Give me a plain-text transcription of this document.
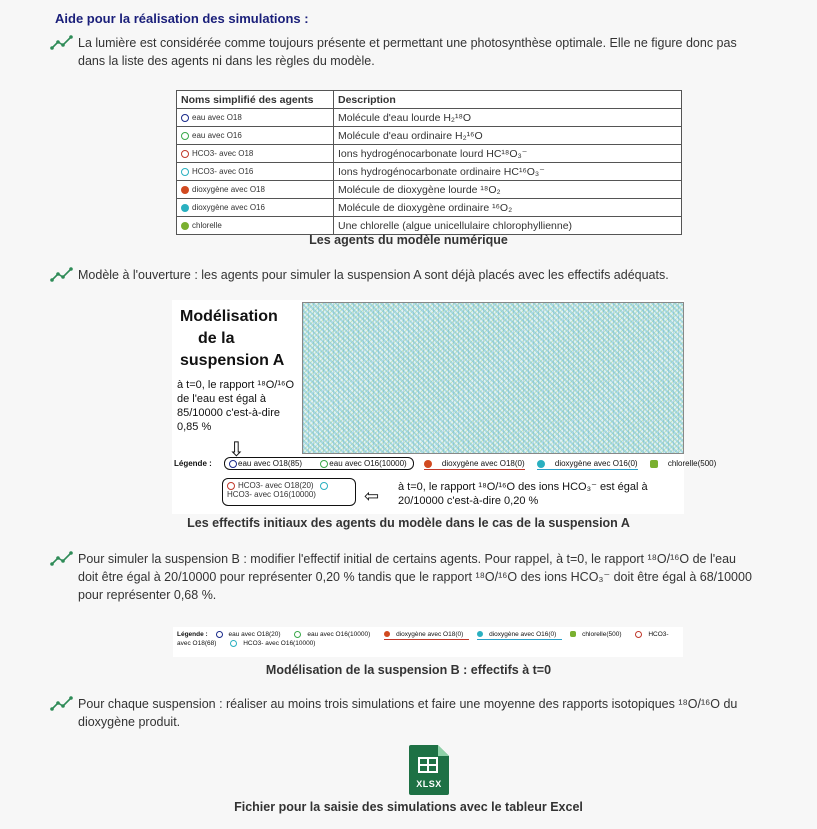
Aide pour la réalisation des simulations :
La lumière est considérée comme toujours présente et permettant une photosynthèse optimale. Elle ne figure donc pas dans la liste des agents ni dans les règles du modèle.
Noms simplifié des agents	Description
eau avec O18	Molécule d'eau lourde H₂¹⁸O
eau avec O16	Molécule d'eau ordinaire H₂¹⁶O
HCO3- avec O18	Ions hydrogénocarbonate lourd HC¹⁸O₃⁻
HCO3- avec O16	Ions hydrogénocarbonate ordinaire HC¹⁶O₃⁻
dioxygène avec O18	Molécule de dioxygène lourde ¹⁸O₂
dioxygène avec O16	Molécule de dioxygène ordinaire ¹⁶O₂
chlorelle	Une chlorelle (algue unicellulaire chlorophyllienne)
Les agents du modèle numérique
Modèle à l'ouverture : les agents pour simuler la suspension A sont déjà placés avec les effectifs adéquats.
Modélisation
de la
suspension A
à t=0, le rapport ¹⁸O/¹⁶O de l'eau est égal à 85/10000 c'est-à-dire 0,85 %
⇩
Légende :	eau avec O18(85)	eau avec O16(10000)	dioxygène avec O18(0)	dioxygène avec O16(0)	chlorelle(500)
HCO3- avec O18(20) HCO3- avec O16(10000)	⇦ à t=0, le rapport ¹⁸O/¹⁶O des ions HCO₃⁻ est égal à 20/10000 c'est-à-dire 0,20 %
Les effectifs initiaux des agents du modèle dans le cas de la suspension A
Pour simuler la suspension B : modifier l'effectif initial de certains agents. Pour rappel, à t=0, le rapport ¹⁸O/¹⁶O de l'eau doit être égal à 20/10000 pour représenter 0,20 % tandis que le rapport ¹⁸O/¹⁶O des ions HCO₃⁻ doit être égal à 68/10000 pour représenter 0,68 %.
Légende :	eau avec O18(20)	eau avec O16(10000)	dioxygène avec O18(0)	dioxygène avec O16(0)	chlorelle(500)	HCO3- avec O18(68)	HCO3- avec O16(10000)
Modélisation de la suspension B : effectifs à t=0
Pour chaque suspension : réaliser au moins trois simulations et faire une moyenne des rapports isotopiques ¹⁸O/¹⁶O du dioxygène produit.
XLSX
Fichier pour la saisie des simulations avec le tableur Excel
